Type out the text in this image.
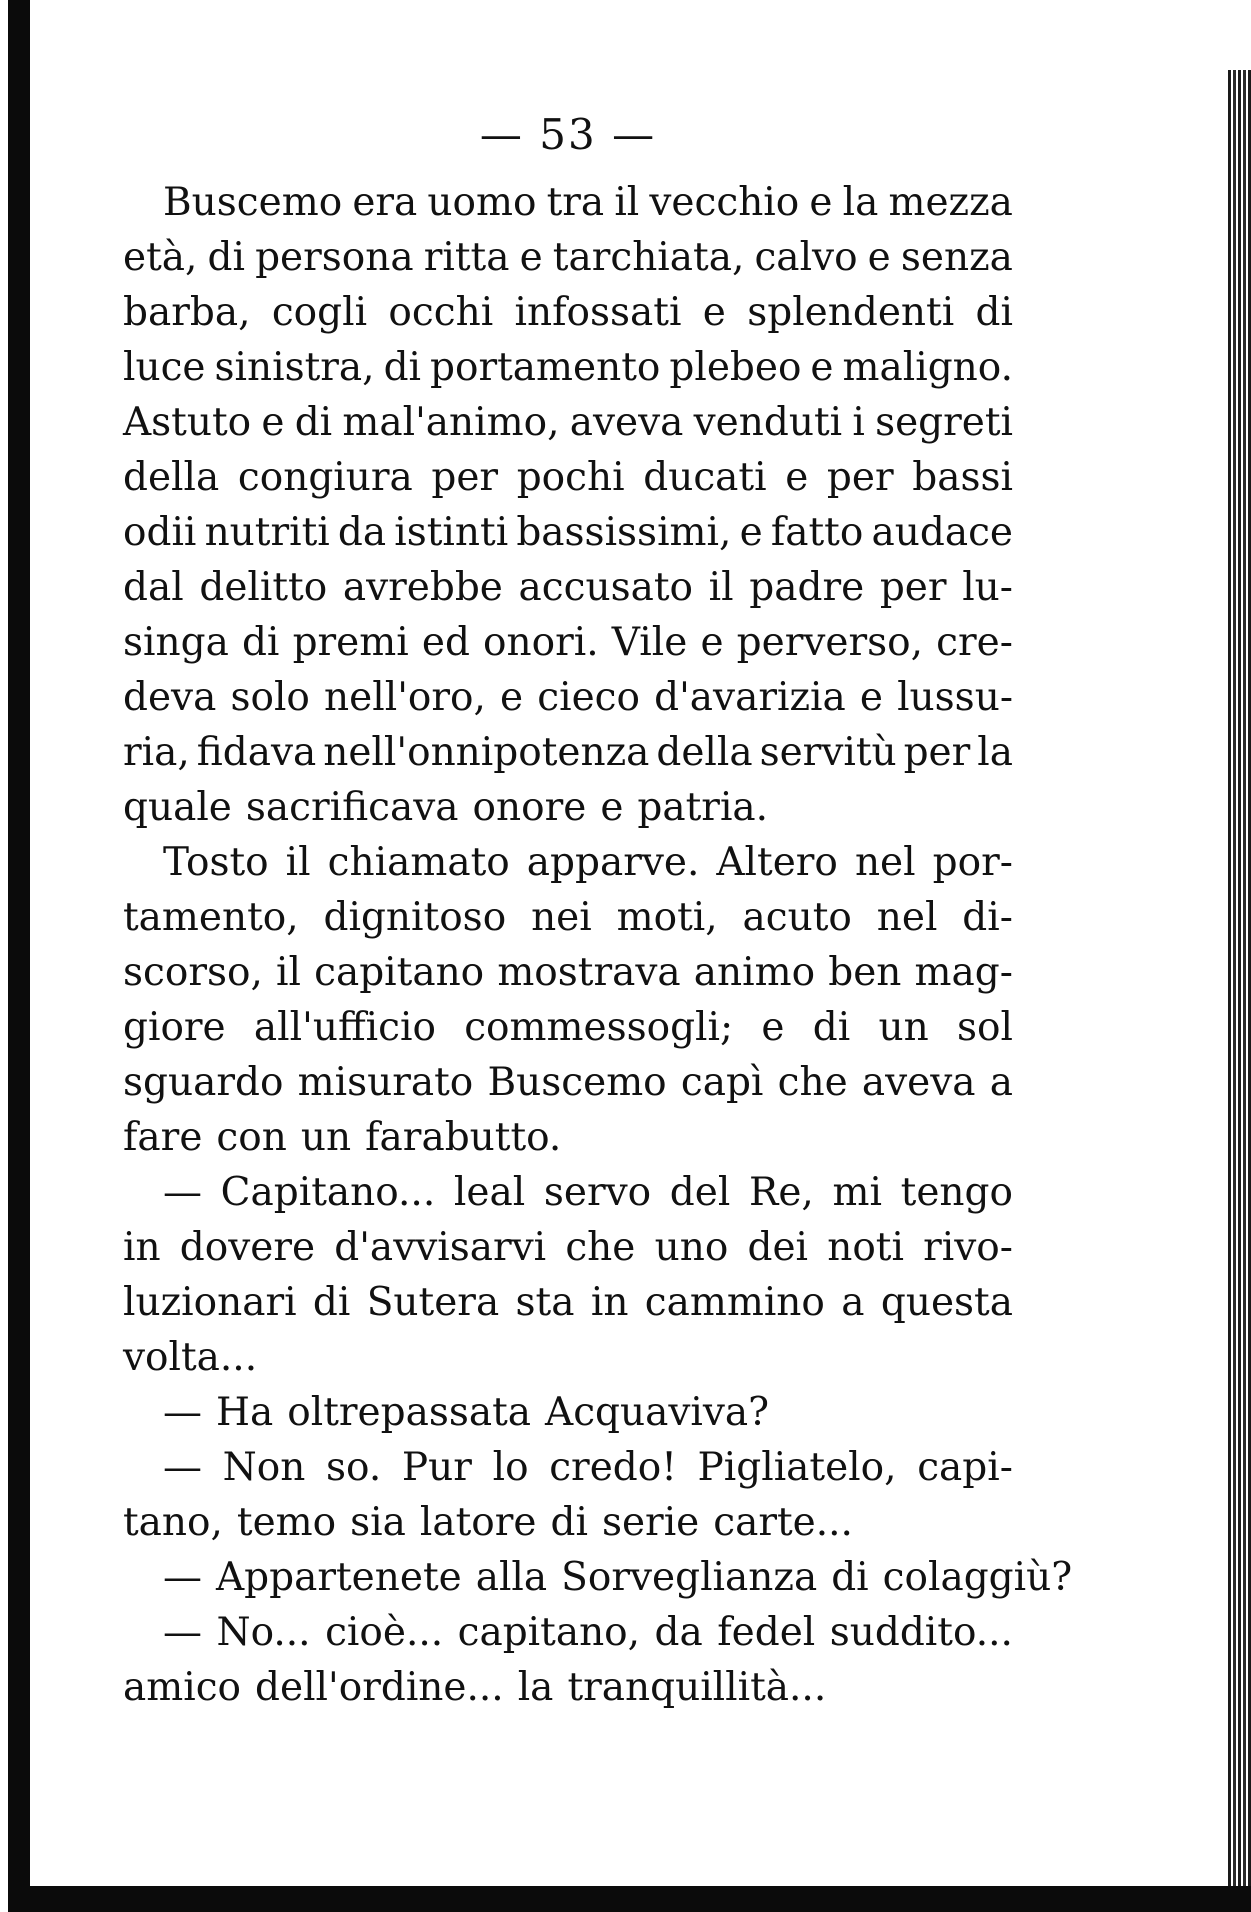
— 53 —
Buscemo era uomo tra il vecchio e la mezza
età, di persona ritta e tarchiata, calvo e senza
barba, cogli occhi infossati e splendenti di
luce sinistra, di portamento plebeo e maligno.
Astuto e di mal'animo, aveva venduti i segreti
della congiura per pochi ducati e per bassi
odii nutriti da istinti bassissimi, e fatto audace
dal delitto avrebbe accusato il padre per lu-
singa di premi ed onori. Vile e perverso, cre-
deva solo nell'oro, e cieco d'avarizia e lussu-
ria, fidava nell'onnipotenza della servitù per la
quale sacrificava onore e patria.
Tosto il chiamato apparve. Altero nel por-
tamento, dignitoso nei moti, acuto nel di-
scorso, il capitano mostrava animo ben mag-
giore all'ufficio commessogli; e di un sol
sguardo misurato Buscemo capì che aveva a
fare con un farabutto.
— Capitano... leal servo del Re, mi tengo
in dovere d'avvisarvi che uno dei noti rivo-
luzionari di Sutera sta in cammino a questa
volta...
— Ha oltrepassata Acquaviva?
— Non so. Pur lo credo! Pigliatelo, capi-
tano, temo sia latore di serie carte...
— Appartenete alla Sorveglianza di colaggiù?
— No... cioè... capitano, da fedel suddito...
amico dell'ordine... la tranquillità...
